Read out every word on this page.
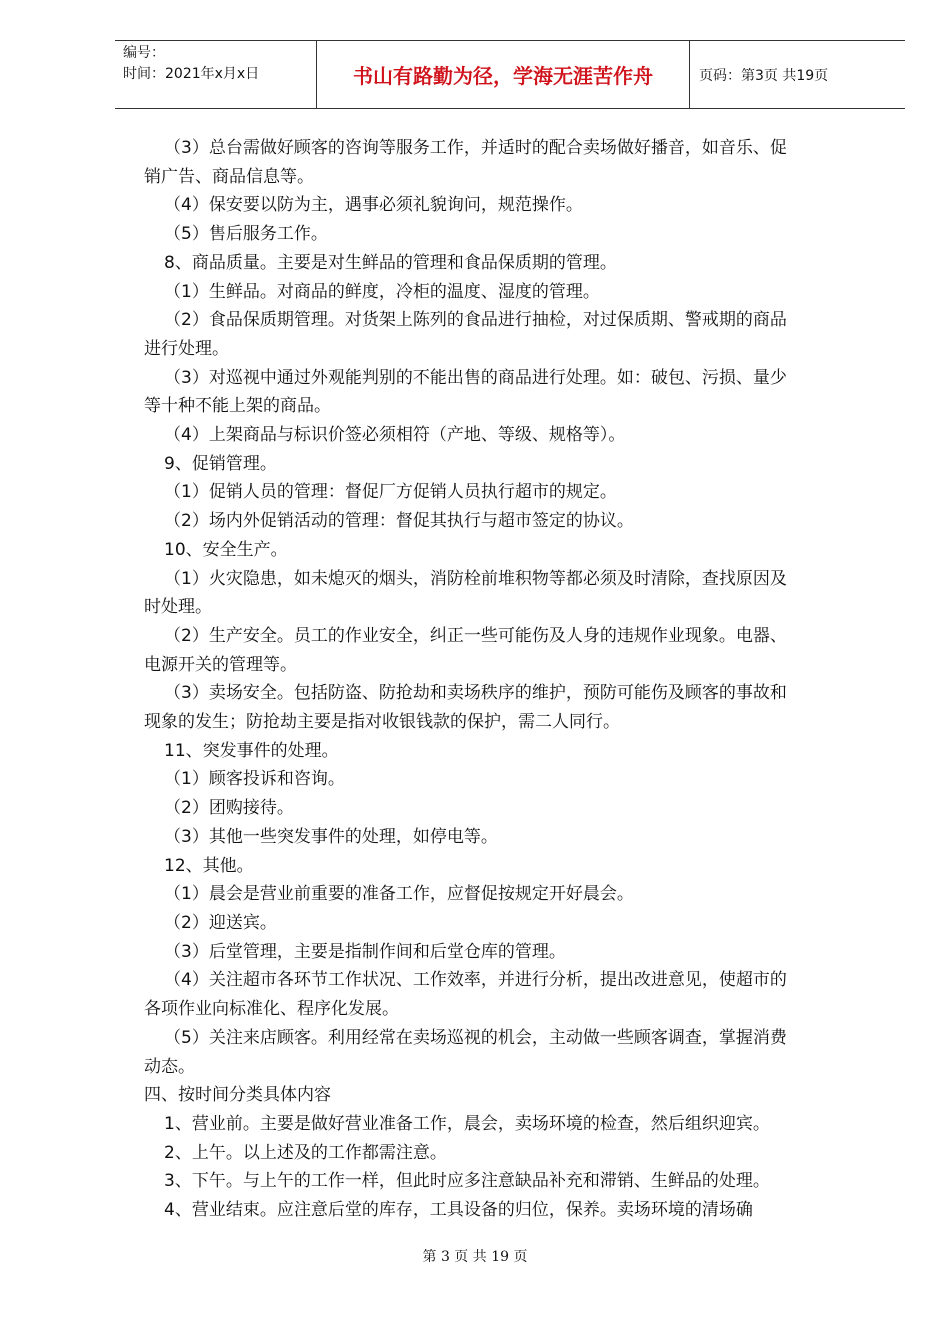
编号：
时间：2021年x月x日	书山有路勤为径，学海无涯苦作舟	页码：第3页 共19页

（3）总台需做好顾客的咨询等服务工作，并适时的配合卖场做好播音，如音乐、促

销广告、商品信息等。

（4）保安要以防为主，遇事必须礼貌询问，规范操作。

（5）售后服务工作。

8、商品质量。主要是对生鲜品的管理和食品保质期的管理。

（1）生鲜品。对商品的鲜度，冷柜的温度、湿度的管理。

（2）食品保质期管理。对货架上陈列的食品进行抽检，对过保质期、警戒期的商品

进行处理。

（3）对巡视中通过外观能判别的不能出售的商品进行处理。如：破包、污损、量少

等十种不能上架的商品。

（4）上架商品与标识价签必须相符（产地、等级、规格等）。

9、促销管理。

（1）促销人员的管理：督促厂方促销人员执行超市的规定。

（2）场内外促销活动的管理：督促其执行与超市签定的协议。

10、安全生产。

（1）火灾隐患，如未熄灭的烟头，消防栓前堆积物等都必须及时清除，查找原因及

时处理。

（2）生产安全。员工的作业安全，纠正一些可能伤及人身的违规作业现象。电器、

电源开关的管理等。

（3）卖场安全。包括防盗、防抢劫和卖场秩序的维护，预防可能伤及顾客的事故和

现象的发生；防抢劫主要是指对收银钱款的保护，需二人同行。

11、突发事件的处理。

（1）顾客投诉和咨询。

（2）团购接待。

（3）其他一些突发事件的处理，如停电等。

12、其他。

（1）晨会是营业前重要的准备工作，应督促按规定开好晨会。

（2）迎送宾。

（3）后堂管理，主要是指制作间和后堂仓库的管理。

（4）关注超市各环节工作状况、工作效率，并进行分析，提出改进意见，使超市的

各项作业向标准化、程序化发展。

（5）关注来店顾客。利用经常在卖场巡视的机会，主动做一些顾客调查，掌握消费

动态。

四、按时间分类具体内容

1、营业前。主要是做好营业准备工作，晨会，卖场环境的检查，然后组织迎宾。

2、上午。以上述及的工作都需注意。

3、下午。与上午的工作一样，但此时应多注意缺品补充和滞销、生鲜品的处理。

4、营业结束。应注意后堂的库存，工具设备的归位，保养。卖场环境的清场确

第 3 页 共 19 页
